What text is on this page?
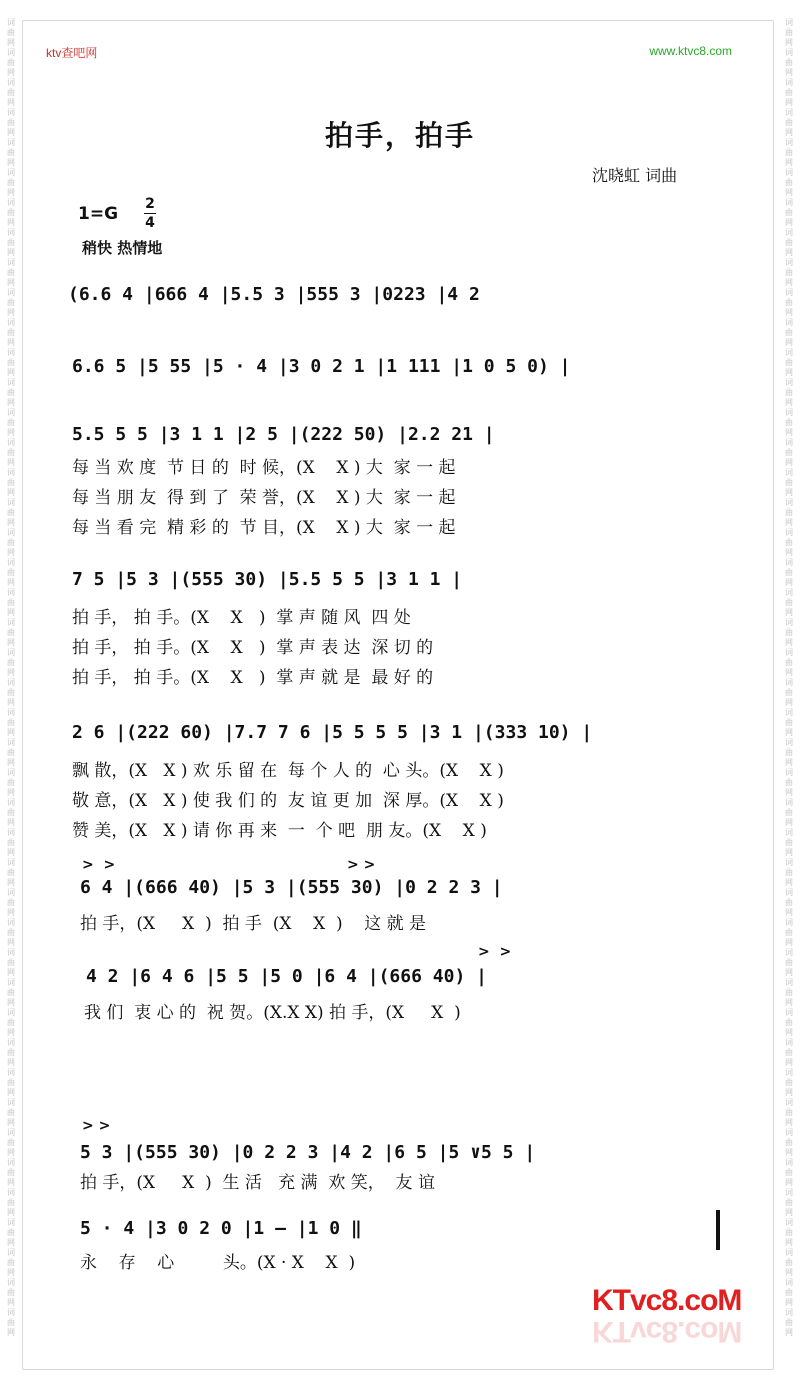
词
曲
网
词
曲
网
词
曲
网
词
曲
网
词
曲
网
词
曲
网
词
曲
网
词
曲
网
词
曲
网
词
曲
网
词
曲
网
词
曲
网
词
曲
网
词
曲
网
词
曲
网
词
曲
网
词
曲
网
词
曲
网
词
曲
网
词
曲
网
词
曲
网
词
曲
网
词
曲
网
词
曲
网
词
曲
网
词
曲
网
词
曲
网
词
曲
网
词
曲
网
词
曲
网
词
曲
网
词
曲
网
词
曲
网
词
曲
网
词
曲
网
词
曲
网
词
曲
网
词
曲
网
词
曲
网
词
曲
网
词
曲
网
词
曲
网
词
曲
网
词
曲
网
词
曲
网
词
曲
网
词
曲
网
词
曲
网
词
曲
网
词
曲
网
词
曲
网
词
曲
网
词
曲
网
词
曲
网
词
曲
网
词
曲
网
词
曲
网
词
曲
网
词
曲
网
词
曲
网
词
曲
网
词
曲
网
词
曲
网
词
曲
网
词
曲
网
词
曲
网
词
曲
网
词
曲
网
词
曲
网
词
曲
网
词
曲
网
词
曲
网
词
曲
网
词
曲
网
词
曲
网
词
曲
网
词
曲
网
词
曲
网
词
曲
网
词
曲
网
词
曲
网
词
曲
网
词
曲
网
词
曲
网
词
曲
网
词
曲
网
词
曲
网
词
曲
网
ktv查吧网	www.ktvc8.com
拍手，拍手
沈晓虹 词曲
1=G 2
4
稍快 热情地
(6.6 4 |666 4 |5.5 3 |555 3 |0223 |4 2
6.6 5 |5 55 |5 · 4 |3 0 2 1 |1 111 |1 0 5 0) |
5.5 5 5 |3 1 1 |2 5 |(222 50) |2.2 21 |
每 当 欢 度  节 日 的  时 候，(X    X ) 大  家 一 起
每 当 朋 友  得 到 了  荣 誉，(X    X ) 大  家 一 起
每 当 看 完  精 彩 的  节 目，(X    X ) 大  家 一 起
7 5 |5 3 |(555 30) |5.5 5 5 |3 1 1 |
拍 手， 拍 手。(X    X   )  掌 声 随 风  四 处
拍 手， 拍 手。(X    X   )  掌 声 表 达  深 切 的
拍 手， 拍 手。(X    X   )  掌 声 就 是  最 好 的
2 6 |(222 60) |7.7 7 6 |5 5 5 5 |3 1 |(333 10) |
飘 散，(X   X ) 欢 乐 留 在  每 个 人 的  心 头。(X    X )
敬 意，(X   X ) 使 我 们 的  友 谊 更 加  深 厚。(X    X )
赞 美，(X   X ) 请 你 再 来  一  个 吧  朋 友。(X    X )
>  >	> >
6 4 |(666 40) |5 3 |(555 30) |0 2 2 3 |
拍 手，(X     X  )  拍 手  (X    X  )    这 就 是
>  >
4 2 |6 4 6 |5 5 |5 0 |6 4 |(666 40) |
我 们  衷 心 的  祝 贺。(X.X X) 拍 手，(X     X  )
> >
5 3 |(555 30) |0 2 2 3 |4 2 |6 5 |5 ∨5 5 |
拍 手，(X     X  )  生 活   充 满  欢 笑，  友 谊
5 · 4 |3 0 2 0 |1 – |1 0 ‖
永    存    心         头。(X · X    X  )
KTvc8.coM
KTvc8.coM
